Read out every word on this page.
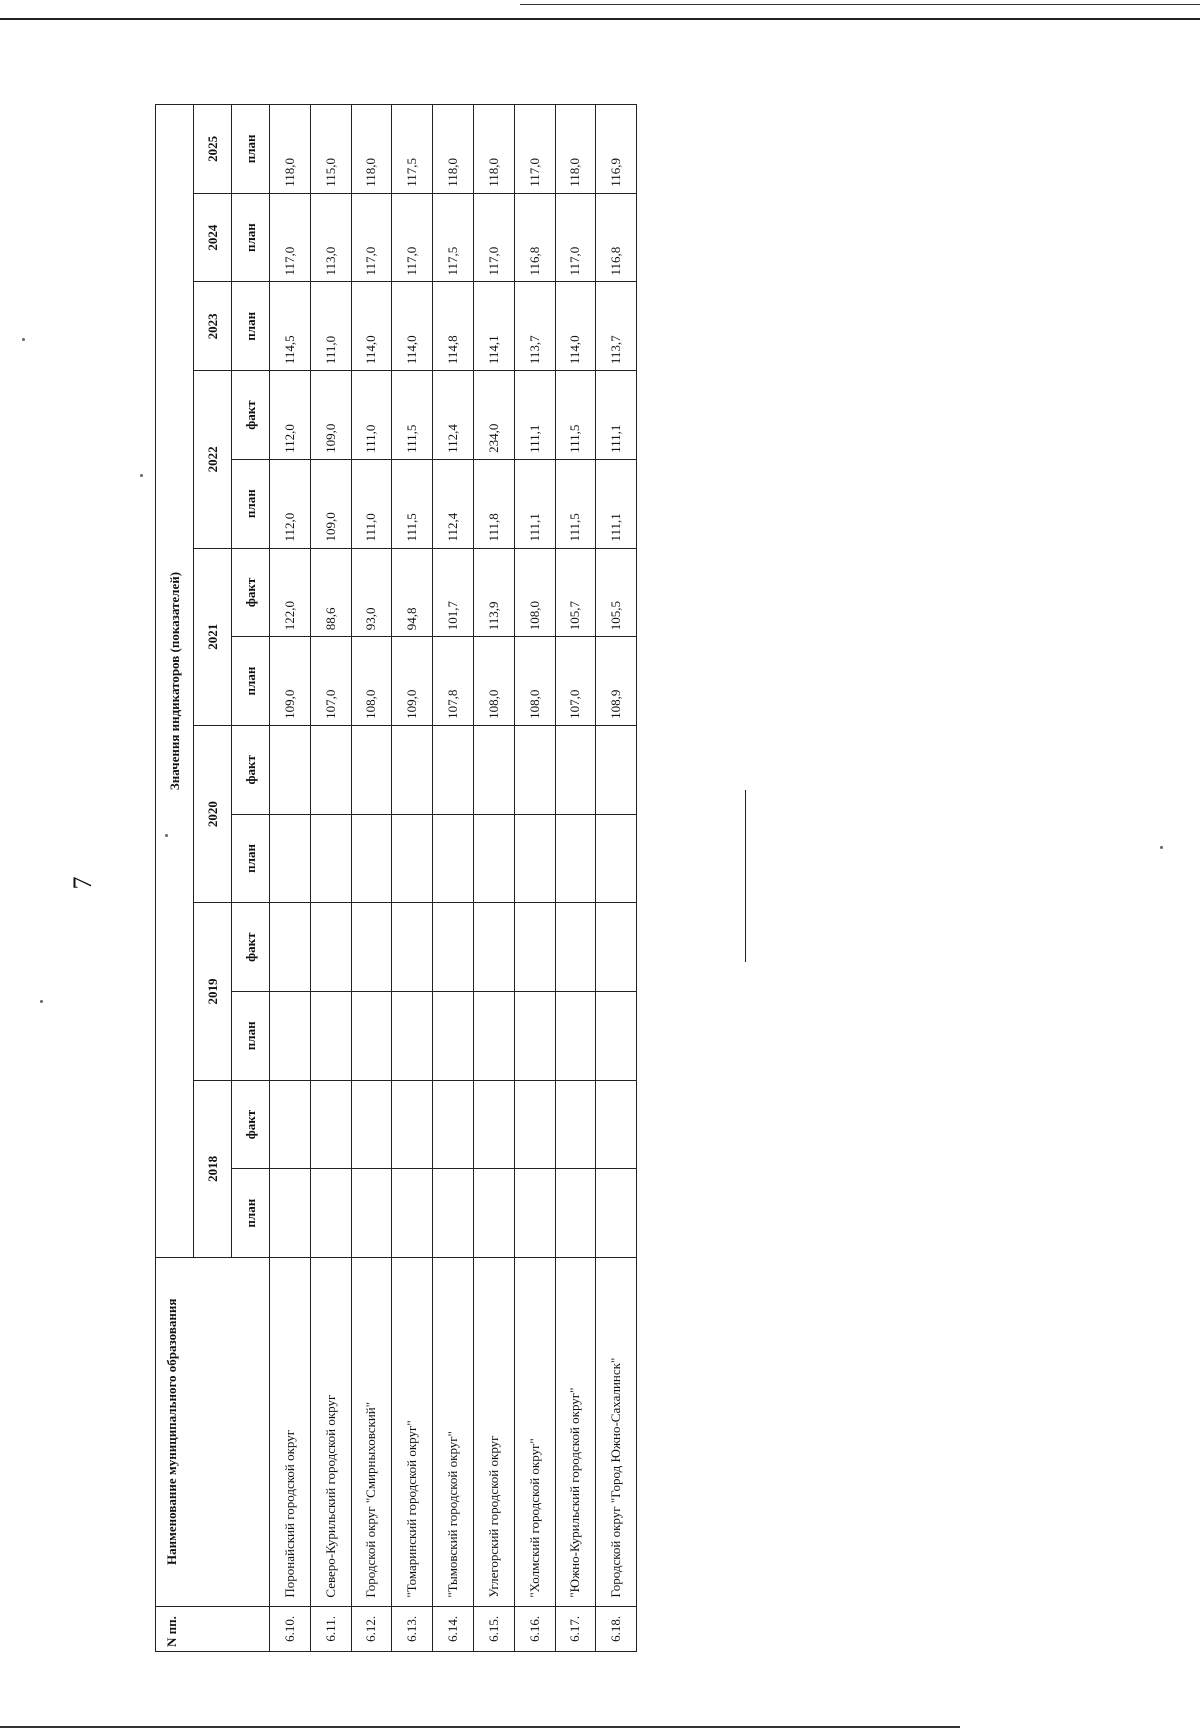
7
N пп.	Наименование муниципального образования	Значения индикаторов (показателей)												
		2018		2019		2020		2021		2022		2023	2024	2025
		план	факт	план	факт	план	факт	план	факт	план	факт	план	план	план
6.10.	Поронайский городской округ							109,0	122,0	112,0	112,0	114,5	117,0	118,0
6.11.	Северо-Курильский городской округ							107,0	88,6	109,0	109,0	111,0	113,0	115,0
6.12.	Городской округ "Смирныховский"							108,0	93,0	111,0	111,0	114,0	117,0	118,0
6.13.	"Томаринский городской округ"							109,0	94,8	111,5	111,5	114,0	117,0	117,5
6.14.	"Тымовский городской округ"							107,8	101,7	112,4	112,4	114,8	117,5	118,0
6.15.	Углегорский городской округ							108,0	113,9	111,8	234,0	114,1	117,0	118,0
6.16.	"Холмский городской округ"							108,0	108,0	111,1	111,1	113,7	116,8	117,0
6.17.	"Южно-Курильский городской округ"							107,0	105,7	111,5	111,5	114,0	117,0	118,0
6.18.	Городской округ "Город Южно-Сахалинск"							108,9	105,5	111,1	111,1	113,7	116,8	116,9
